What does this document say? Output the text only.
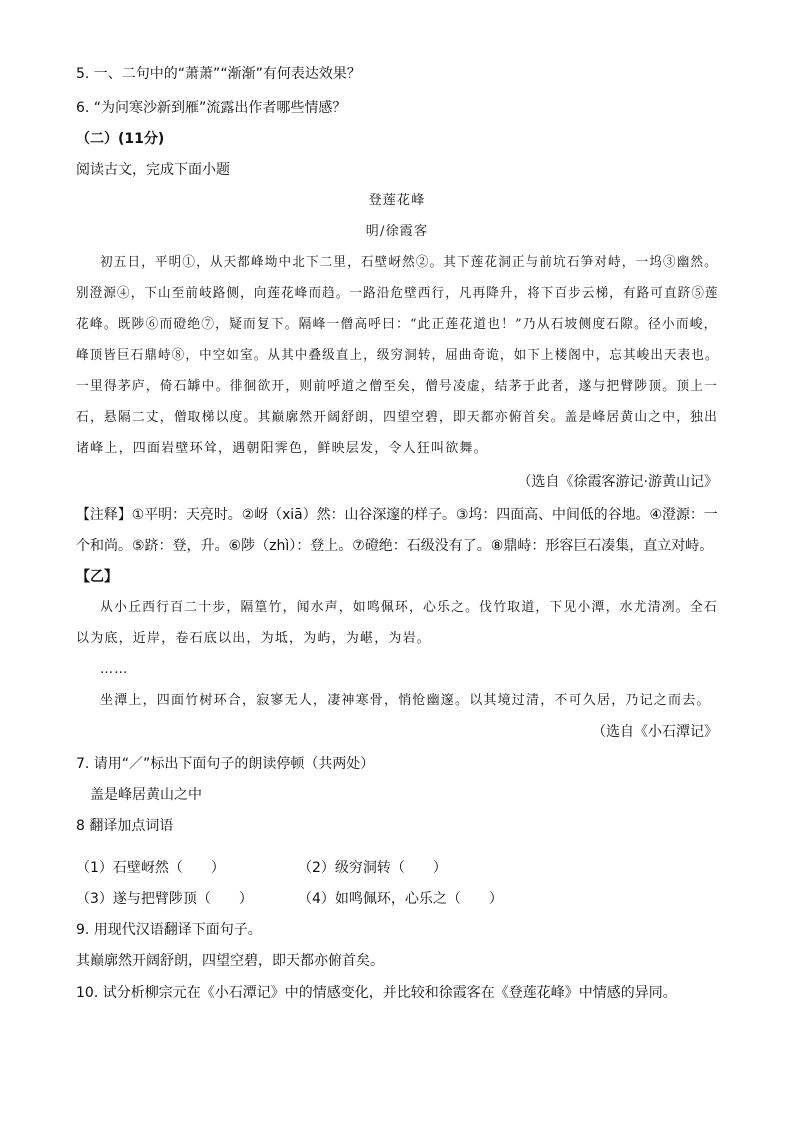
5. 一、二句中的“萧萧”“渐渐”有何表达效果？
6. “为问寒沙新到雁”流露出作者哪些情感？
（二）(11分)
阅读古文，完成下面小题
登莲花峰
明/徐霞客
初五日，平明①，从天都峰坳中北下二里，石壁岈然②。其下莲花洞正与前坑石笋对峙，一坞③幽然。
别澄源④，下山至前岐路侧，向莲花峰而趋。一路沿危壁西行，凡再降升，将下百步云梯，有路可直跻⑤莲
花峰。既陟⑥而磴绝⑦，疑而复下。隔峰一僧高呼曰：“此正莲花道也！”乃从石坡侧度石隙。径小而峻，
峰顶皆巨石鼎峙⑧，中空如室。从其中叠级直上，级穷洞转，屈曲奇诡，如下上楼阁中，忘其峻出天表也。
一里得茅庐，倚石罅中。徘徊欲开，则前呼道之僧至矣，僧号凌虚，结茅于此者，遂与把臂陟顶。顶上一
石，悬隔二丈，僧取梯以度。其巅廓然开阔舒朗，四望空碧，即天都亦俯首矣。盖是峰居黄山之中，独出
诸峰上，四面岩壁环耸，遇朝阳霁色，鲜映层发，令人狂叫欲舞。
（选自《徐霞客游记·游黄山记》
【注释】①平明：天亮时。②岈（xiā）然：山谷深邃的样子。③坞：四面高、中间低的谷地。④澄源：一
个和尚。⑤跻：登，升。⑥陟（zhì）：登上。⑦磴绝：石级没有了。⑧鼎峙：形容巨石凑集，直立对峙。
【乙】
从小丘西行百二十步，隔篁竹，闻水声，如鸣佩环，心乐之。伐竹取道，下见小潭，水尤清冽。全石
以为底，近岸，卷石底以出，为坻，为屿，为嵁，为岩。
……
坐潭上，四面竹树环合，寂寥无人，凄神寒骨，悄怆幽邃。以其境过清，不可久居，乃记之而去。
（选自《小石潭记》
7. 请用“／”标出下面句子的朗读停顿（共两处）
盖是峰居黄山之中
8 翻译加点词语
（1）石壁岈然（　　）	（2）级穷洞转（　　）
（3）遂与把臂陟顶（　　）	（4）如鸣佩环，心乐之（　　）
9. 用现代汉语翻译下面句子。
其巅廓然开阔舒朗，四望空碧，即天都亦俯首矣。
10. 试分析柳宗元在《小石潭记》中的情感变化，并比较和徐霞客在《登莲花峰》中情感的异同。
